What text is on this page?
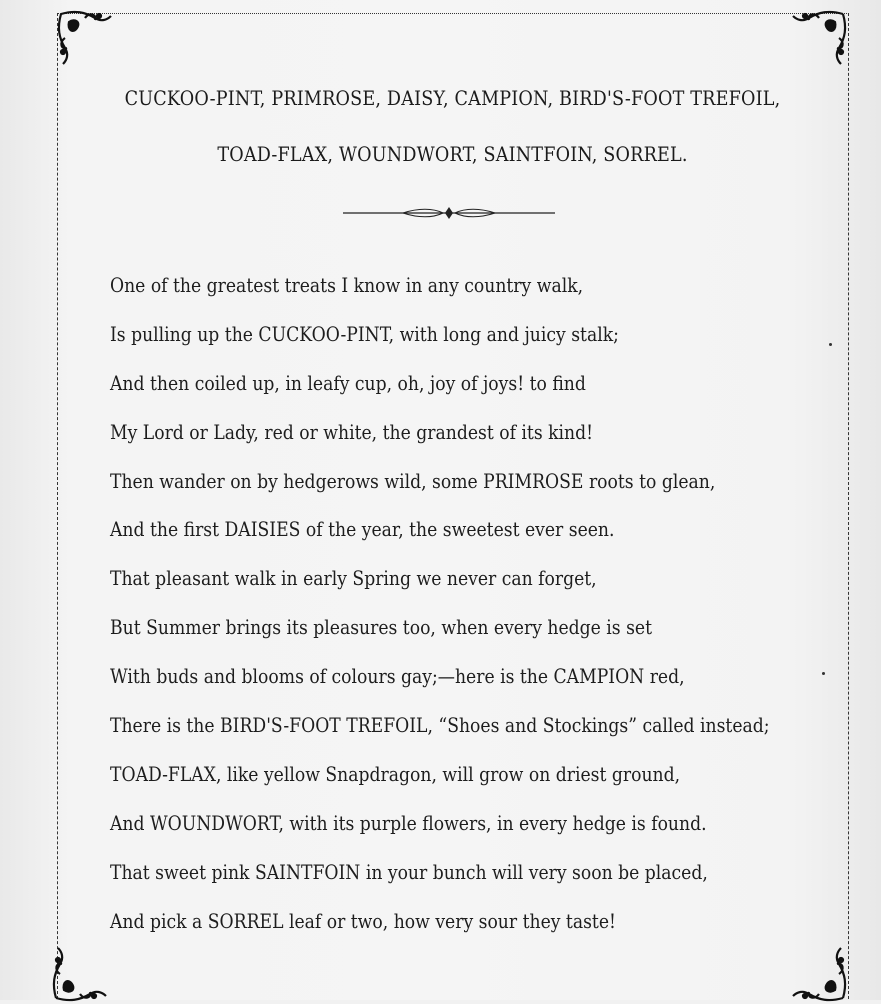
CUCKOO-PINT, PRIMROSE, DAISY, CAMPION, BIRD'S-FOOT TREFOIL,
TOAD-FLAX, WOUNDWORT, SAINTFOIN, SORREL.
One of the greatest treats I know in any country walk,
Is pulling up the CUCKOO-PINT, with long and juicy stalk;
And then coiled up, in leafy cup, oh, joy of joys! to find
My Lord or Lady, red or white, the grandest of its kind!
Then wander on by hedgerows wild, some PRIMROSE roots to glean,
And the first DAISIES of the year, the sweetest ever seen.
That pleasant walk in early Spring we never can forget,
But Summer brings its pleasures too, when every hedge is set
With buds and blooms of colours gay;—here is the CAMPION red,
There is the BIRD'S-FOOT TREFOIL, “Shoes and Stockings” called instead;
TOAD-FLAX, like yellow Snapdragon, will grow on driest ground,
And WOUNDWORT, with its purple flowers, in every hedge is found.
That sweet pink SAINTFOIN in your bunch will very soon be placed,
And pick a SORREL leaf or two, how very sour they taste!
